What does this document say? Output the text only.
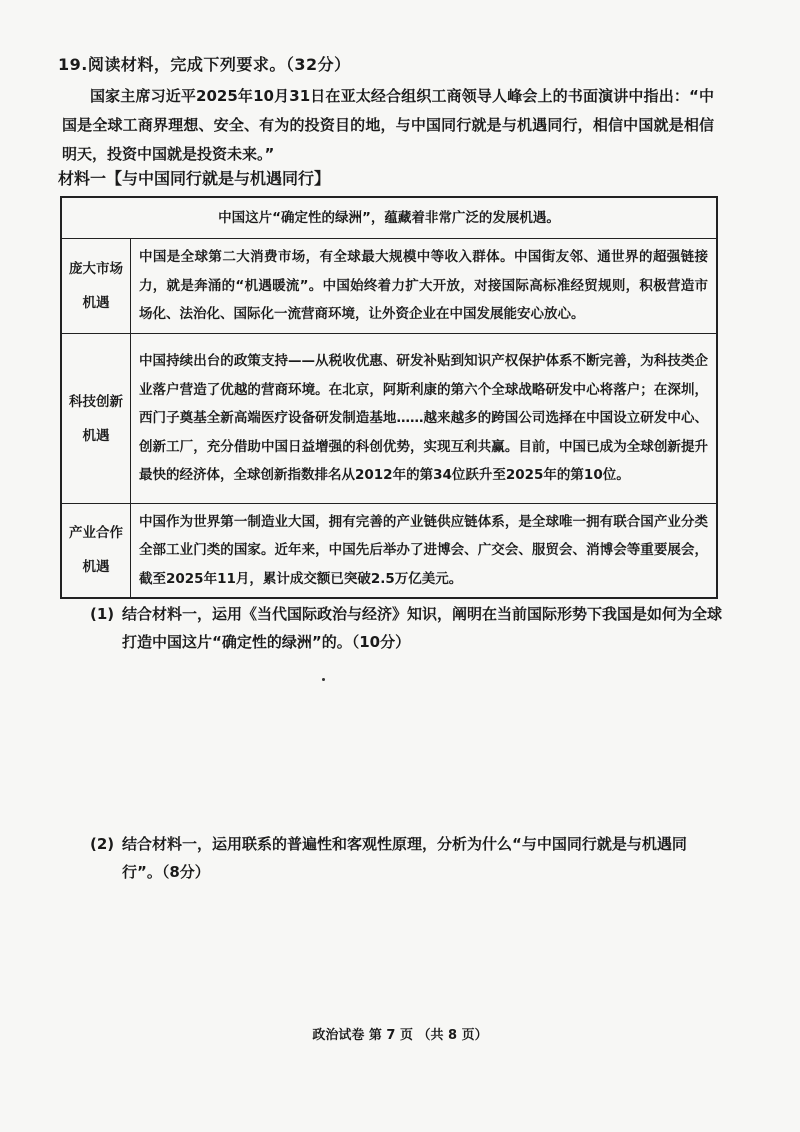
19.阅读材料，完成下列要求。（32分）
国家主席习近平2025年10月31日在亚太经合组织工商领导人峰会上的书面演讲中指出：“中国是全球工商界理想、安全、有为的投资目的地，与中国同行就是与机遇同行，相信中国就是相信明天，投资中国就是投资未来。”
材料一【与中国同行就是与机遇同行】
中国这片“确定性的绿洲”，蕴藏着非常广泛的发展机遇。	
庞大市场机遇	中国是全球第二大消费市场，有全球最大规模中等收入群体。中国街友邻、通世界的超强链接力，就是奔涌的“机遇暖流”。中国始终着力扩大开放，对接国际高标准经贸规则，积极营造市场化、法治化、国际化一流营商环境，让外资企业在中国发展能安心放心。
科技创新机遇	中国持续出台的政策支持——从税收优惠、研发补贴到知识产权保护体系不断完善，为科技类企业落户营造了优越的营商环境。在北京，阿斯利康的第六个全球战略研发中心将落户；在深圳，西门子奠基全新高端医疗设备研发制造基地……越来越多的跨国公司选择在中国设立研发中心、创新工厂，充分借助中国日益增强的科创优势，实现互利共赢。目前，中国已成为全球创新提升最快的经济体，全球创新指数排名从2012年的第34位跃升至2025年的第10位。
产业合作机遇	中国作为世界第一制造业大国，拥有完善的产业链供应链体系，是全球唯一拥有联合国产业分类全部工业门类的国家。近年来，中国先后举办了进博会、广交会、服贸会、消博会等重要展会，截至2025年11月，累计成交额已突破2.5万亿美元。
(1) 结合材料一，运用《当代国际政治与经济》知识，阐明在当前国际形势下我国是如何为全球
打造中国这片“确定性的绿洲”的。（10分）
(2) 结合材料一，运用联系的普遍性和客观性原理，分析为什么“与中国同行就是与机遇同
行”。（8分）
政治试卷 第 7 页 （共 8 页）
